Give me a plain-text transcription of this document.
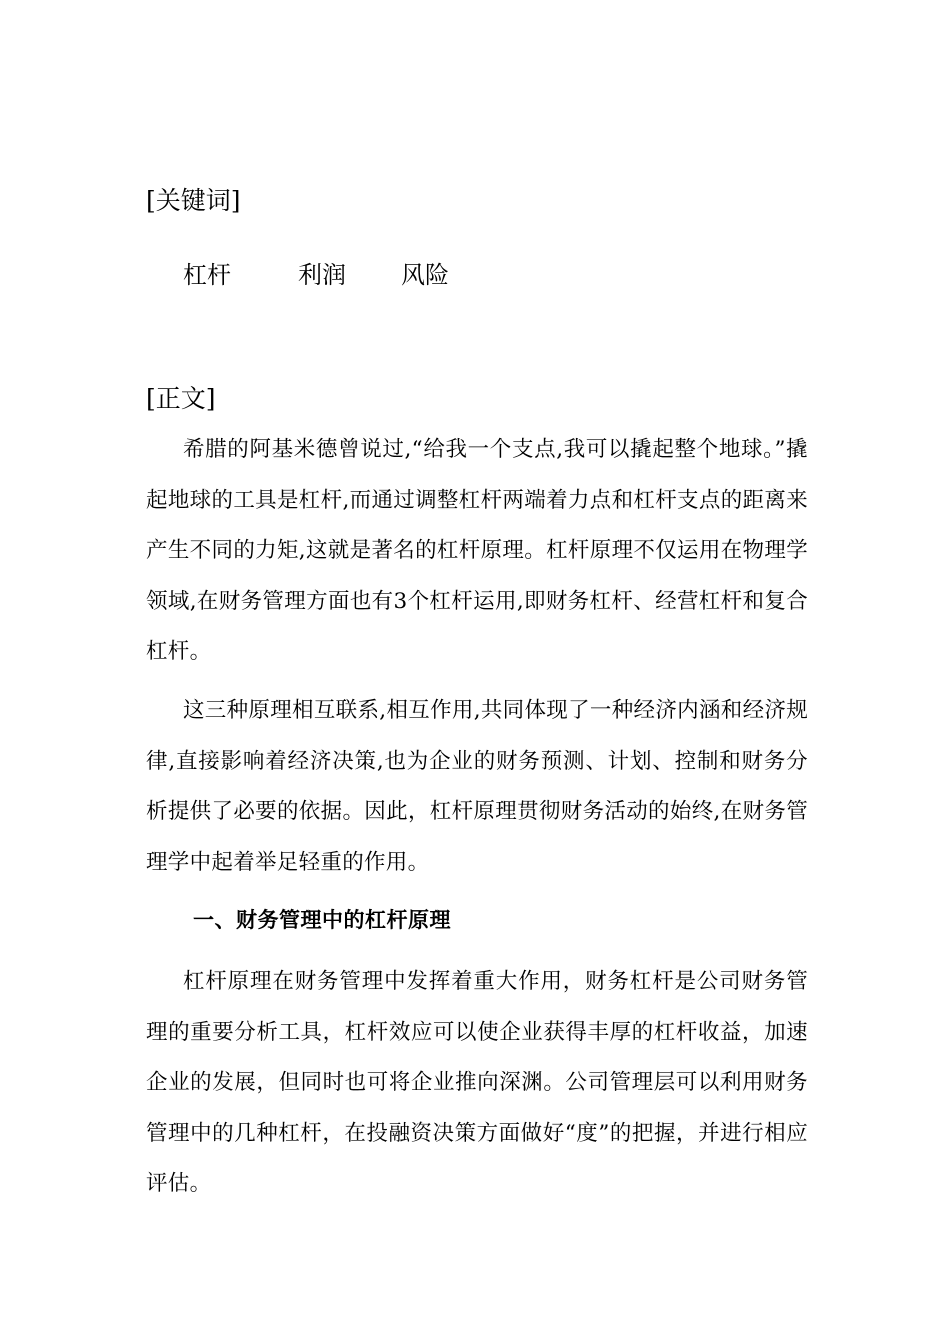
[关键词]
杠杆	利润 风险
[正文]

希腊的阿基米德曾说过,“给我一个支点,我可以撬起整个地球。”撬起地球的工具是杠杆,而通过调整杠杆两端着力点和杠杆支点的距离来产生不同的力矩,这就是著名的杠杆原理。杠杆原理不仅运用在物理学领域,在财务管理方面也有3个杠杆运用,即财务杠杆、经营杠杆和复合杠杆。

这三种原理相互联系,相互作用,共同体现了一种经济内涵和经济规律,直接影响着经济决策,也为企业的财务预测、计划、控制和财务分析提供了必要的依据。因此，杠杆原理贯彻财务活动的始终,在财务管理学中起着举足轻重的作用。

一、财务管理中的杠杆原理

杠杆原理在财务管理中发挥着重大作用，财务杠杆是公司财务管理的重要分析工具，杠杆效应可以使企业获得丰厚的杠杆收益，加速企业的发展，但同时也可将企业推向深渊。公司管理层可以利用财务管理中的几种杠杆，在投融资决策方面做好“度”的把握，并进行相应评估。
